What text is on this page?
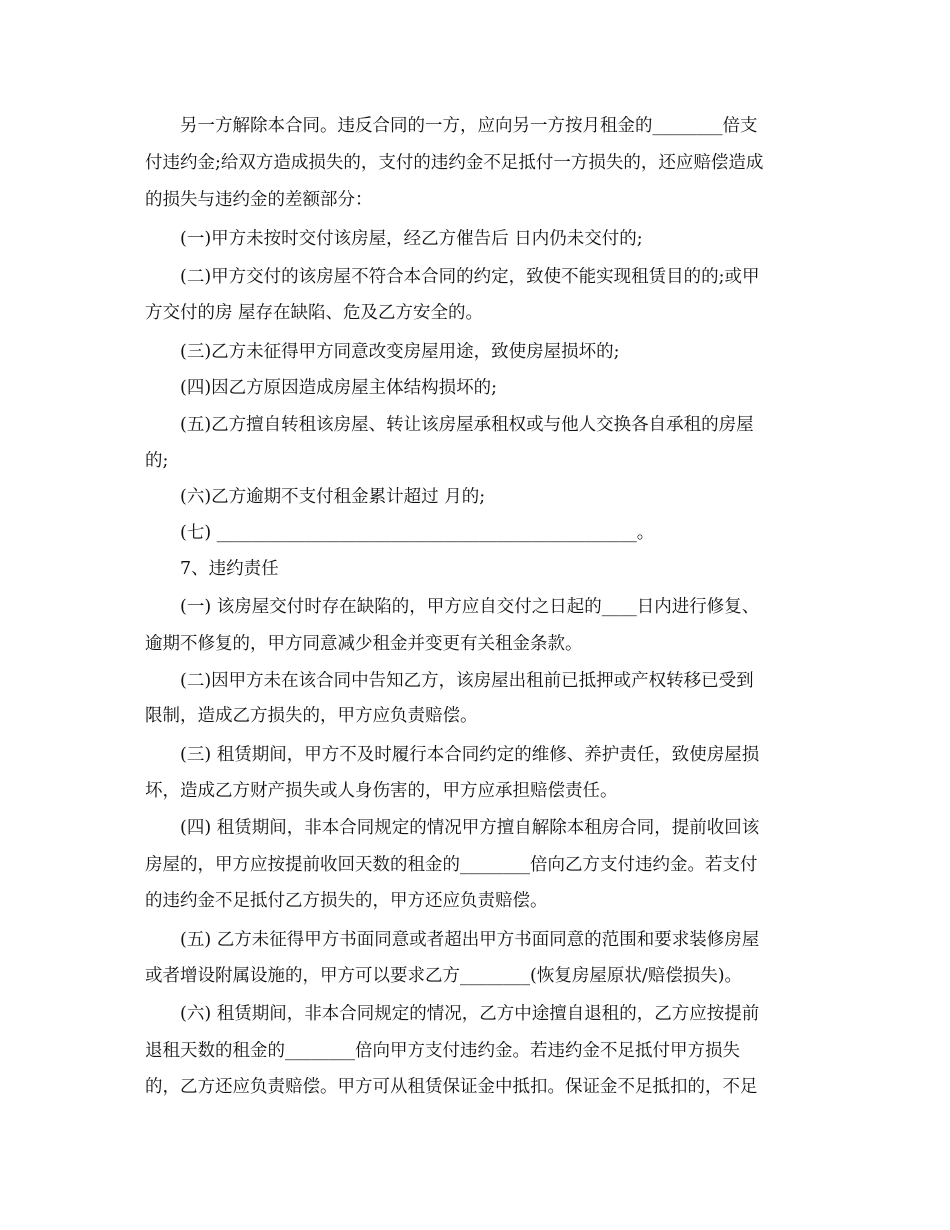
　　另一方解除本合同。违反合同的一方，应向另一方按月租金的________倍支
付违约金;给双方造成损失的，支付的违约金不足抵付一方损失的，还应赔偿造成
的损失与违约金的差额部分：
　　(一)甲方未按时交付该房屋，经乙方催告后 日内仍未交付的;
　　(二)甲方交付的该房屋不符合本合同的约定，致使不能实现租赁目的的;或甲
方交付的房 屋存在缺陷、危及乙方安全的。
　　(三)乙方未征得甲方同意改变房屋用途，致使房屋损坏的;
　　(四)因乙方原因造成房屋主体结构损坏的;
　　(五)乙方擅自转租该房屋、转让该房屋承租权或与他人交换各自承租的房屋
的;
　　(六)乙方逾期不支付租金累计超过 月的;
　　(七) ________________________________________________。
　　7、违约责任
　　(一) 该房屋交付时存在缺陷的，甲方应自交付之日起的____日内进行修复、
逾期不修复的，甲方同意减少租金并变更有关租金条款。
　　(二)因甲方未在该合同中告知乙方，该房屋出租前已抵押或产权转移已受到
限制，造成乙方损失的，甲方应负责赔偿。
　　(三) 租赁期间，甲方不及时履行本合同约定的维修、养护责任，致使房屋损
坏，造成乙方财产损失或人身伤害的，甲方应承担赔偿责任。
　　(四) 租赁期间，非本合同规定的情况甲方擅自解除本租房合同，提前收回该
房屋的，甲方应按提前收回天数的租金的________倍向乙方支付违约金。若支付
的违约金不足抵付乙方损失的，甲方还应负责赔偿。
　　(五) 乙方未征得甲方书面同意或者超出甲方书面同意的范围和要求装修房屋
或者增设附属设施的，甲方可以要求乙方________(恢复房屋原状/赔偿损失)。
　　(六) 租赁期间，非本合同规定的情况，乙方中途擅自退租的，乙方应按提前
退租天数的租金的________倍向甲方支付违约金。若违约金不足抵付甲方损失
的，乙方还应负责赔偿。甲方可从租赁保证金中抵扣。保证金不足抵扣的，不足
